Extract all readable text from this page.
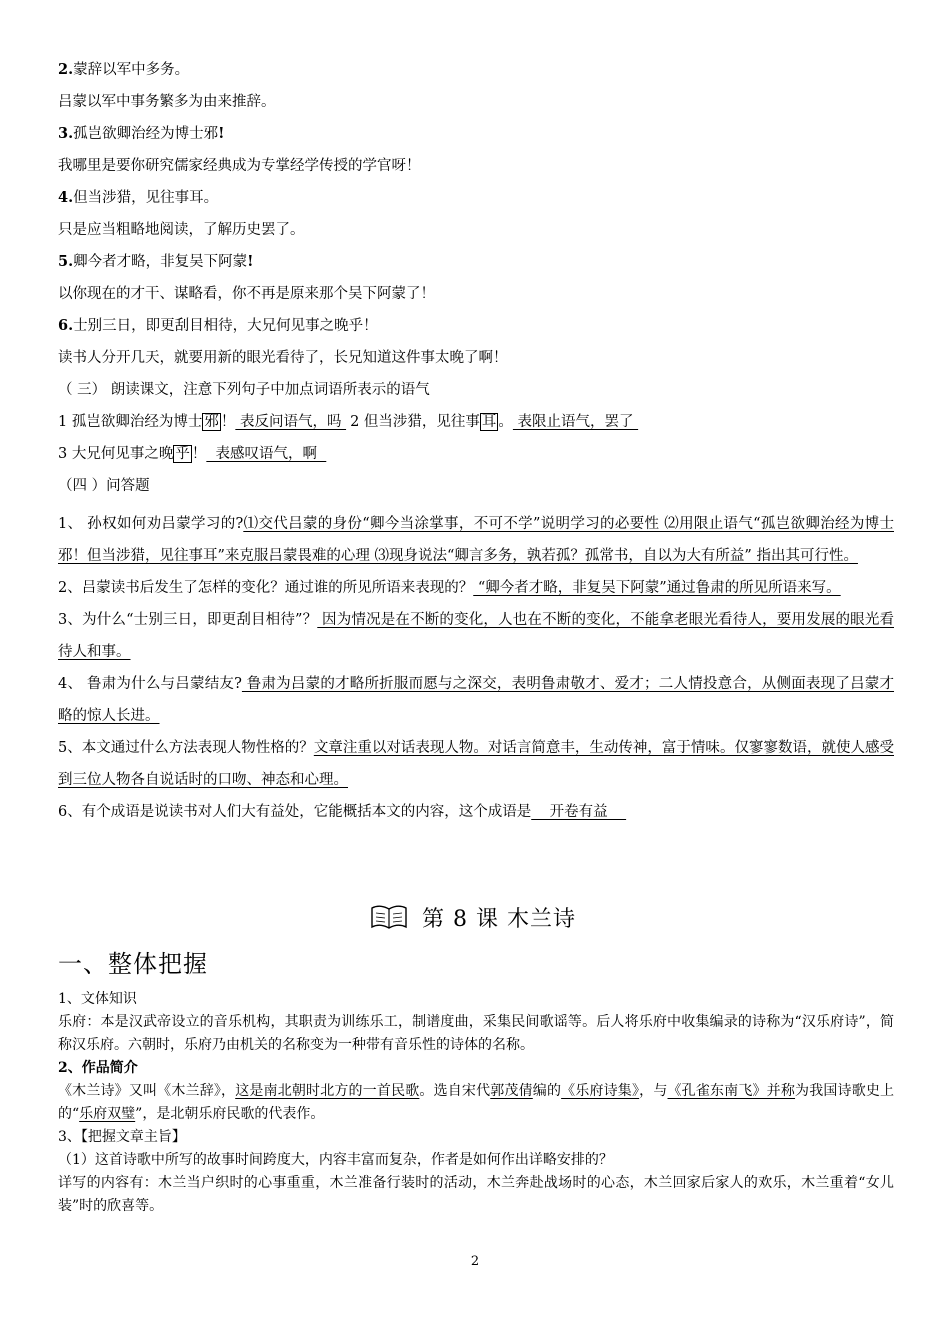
2.蒙辞以军中多务。
吕蒙以军中事务繁多为由来推辞。
3.孤岂欲卿治经为博士邪!
我哪里是要你研究儒家经典成为专掌经学传授的学官呀！
4.但当涉猎，见往事耳。
只是应当粗略地阅读，了解历史罢了。
5.卿今者才略，非复吴下阿蒙!
以你现在的才干、谋略看，你不再是原来那个吴下阿蒙了！
6.士别三日，即更刮目相待，大兄何见事之晚乎！
读书人分开几天，就要用新的眼光看待了，长兄知道这件事太晚了啊！
（ 三） 朗读课文，注意下列句子中加点词语所表示的语气
1 孤岂欲卿治经为博士 邪 ！ 表反问语气，吗 2 但当涉猎，见往事 耳 。 表限止语气，罢了
3 大兄何见事之晚 乎 ！  表感叹语气，啊
（四 ）问答题
1、 孙权如何劝吕蒙学习的?⑴交代吕蒙的身份“卿今当涂掌事，不可不学”说明学习的必要性 ⑵用限止语气“孤岂欲卿治经为博士邪！但当涉猎，见往事耳”来克服吕蒙畏难的心理 ⑶现身说法“卿言多务，孰若孤？孤常书，自以为大有所益” 指出其可行性。
2、吕蒙读书后发生了怎样的变化？通过谁的所见所语来表现的？ “卿今者才略，非复吴下阿蒙”通过鲁肃的所见所语来写。
3、为什么“士别三日，即更刮目相待”？ 因为情况是在不断的变化，人也在不断的变化，不能拿老眼光看待人，要用发展的眼光看待人和事。
4、 鲁肃为什么与吕蒙结友? 鲁肃为吕蒙的才略所折服而愿与之深交，表明鲁肃敬才、爱才；二人情投意合，从侧面表现了吕蒙才略的惊人长进。
5、本文通过什么方法表现人物性格的？文章注重以对话表现人物。对话言简意丰，生动传神，富于情味。仅寥寥数语，就使人感受到三位人物各自说话时的口吻、神态和心理。
6、有个成语是说读书对人们大有益处，它能概括本文的内容，这个成语是    开卷有益
第 8 课 木兰诗
一、整体把握
1、文体知识
乐府：本是汉武帝设立的音乐机构，其职责为训练乐工，制谱度曲，采集民间歌谣等。后人将乐府中收集编录的诗称为“汉乐府诗”，简称汉乐府。六朝时，乐府乃由机关的名称变为一种带有音乐性的诗体的名称。
2、作品简介
《木兰诗》又叫《木兰辞》，这是南北朝时北方的一首民歌。选自宋代郭茂倩编的《乐府诗集》，与《孔雀东南飞》并称为我国诗歌史上的“乐府双璧”，是北朝乐府民歌的代表作。
3、【把握文章主旨】
（1）这首诗歌中所写的故事时间跨度大，内容丰富而复杂，作者是如何作出详略安排的？
详写的内容有：木兰当户织时的心事重重，木兰准备行装时的活动，木兰奔赴战场时的心态，木兰回家后家人的欢乐，木兰重着“女儿装”时的欣喜等。
2
